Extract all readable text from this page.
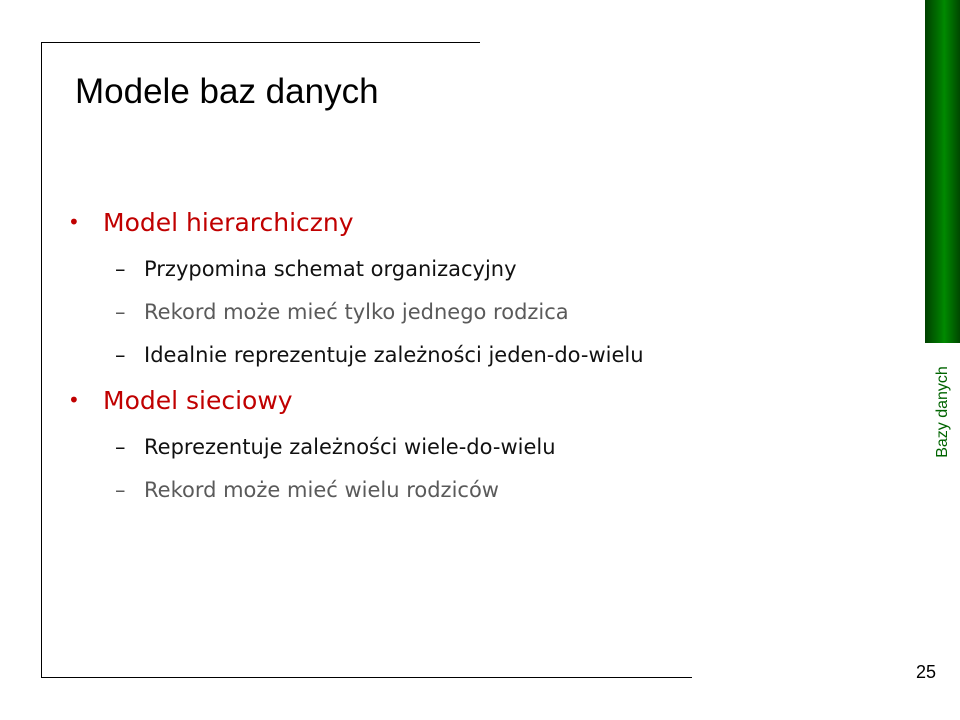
Modele baz danych
• Model hierarchiczny
– Przypomina schemat organizacyjny
– Rekord może mieć tylko jednego rodzica
– Idealnie reprezentuje zależności jeden-do-wielu
• Model sieciowy
– Reprezentuje zależności wiele-do-wielu
– Rekord może mieć wielu rodziców
Bazy danych
25
